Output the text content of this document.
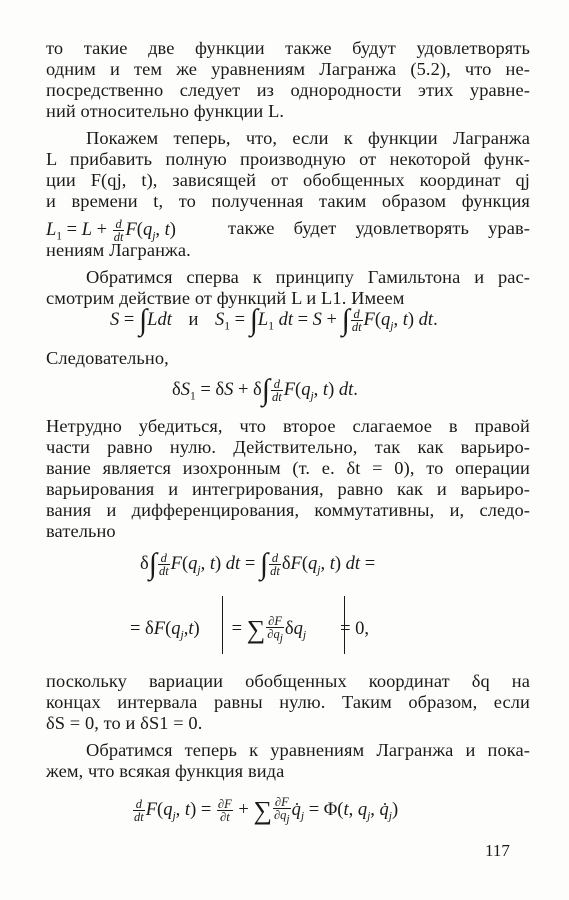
то такие две функции также будут удовлетворять
одним и тем же уравнениям Лагранжа (5.2), что не-
посредственно следует из однородности этих уравне-
ний относительно функции L.
Покажем теперь, что, если к функции Лагранжа
L прибавить полную производную от некоторой функ-
ции F(qj, t), зависящей от обобщенных координат qj
и времени t, то полученная таким образом функция
$L_1 = L + \frac{d}{dt} F(q_j$, t)	также будет удовлетворять урав-
нениям Лагранжа.
Обратимся сперва к принципу Гамильтона и рас-
смотрим действие от функций L и L1. Имеем
S = ∫Ldt и $S_1 = \int L_1$ dt = S + ∫ $\frac{d}{dt} F(q_j$, t) dt.
Следовательно,
$\delta S_1 = \delta S + \delta\int \frac{d}{dt} F(q_j$, t) dt.
Нетрудно убедиться, что второе слагаемое в правой
части равно нулю. Действительно, так как варьиро-
вание является изохронным (т. е. δt = 0), то операции
варьирования и интегрирования, равно как и варьиро-
вания и дифференцирования, коммутативны, и, следо-
вательно
$\delta\int \frac{d}{dt} F(q_j$, t) dt = ∫ $\frac{d}{dt} \delta F(q_j$, t) dt =
= $\delta F(q_j,t)$ = ∑ $\frac{\partial F}{\partial q_j} \delta q_j = 0$,
поскольку вариации обобщенных координат δq на
концах интервала равны нулю. Таким образом, если
δS = 0, то и δS1 = 0.
Обратимся теперь к уравнениям Лагранжа и пока-
жем, что всякая функция вида
$\frac{d}{dt} F(q_j$, $t) = \frac{\partial F}{\partial t}$ + ∑ $\frac{\partial F}{\partial q_j}$ $q̇_j = \Phi(t$, $q_j$, $q̇_j$)
117
